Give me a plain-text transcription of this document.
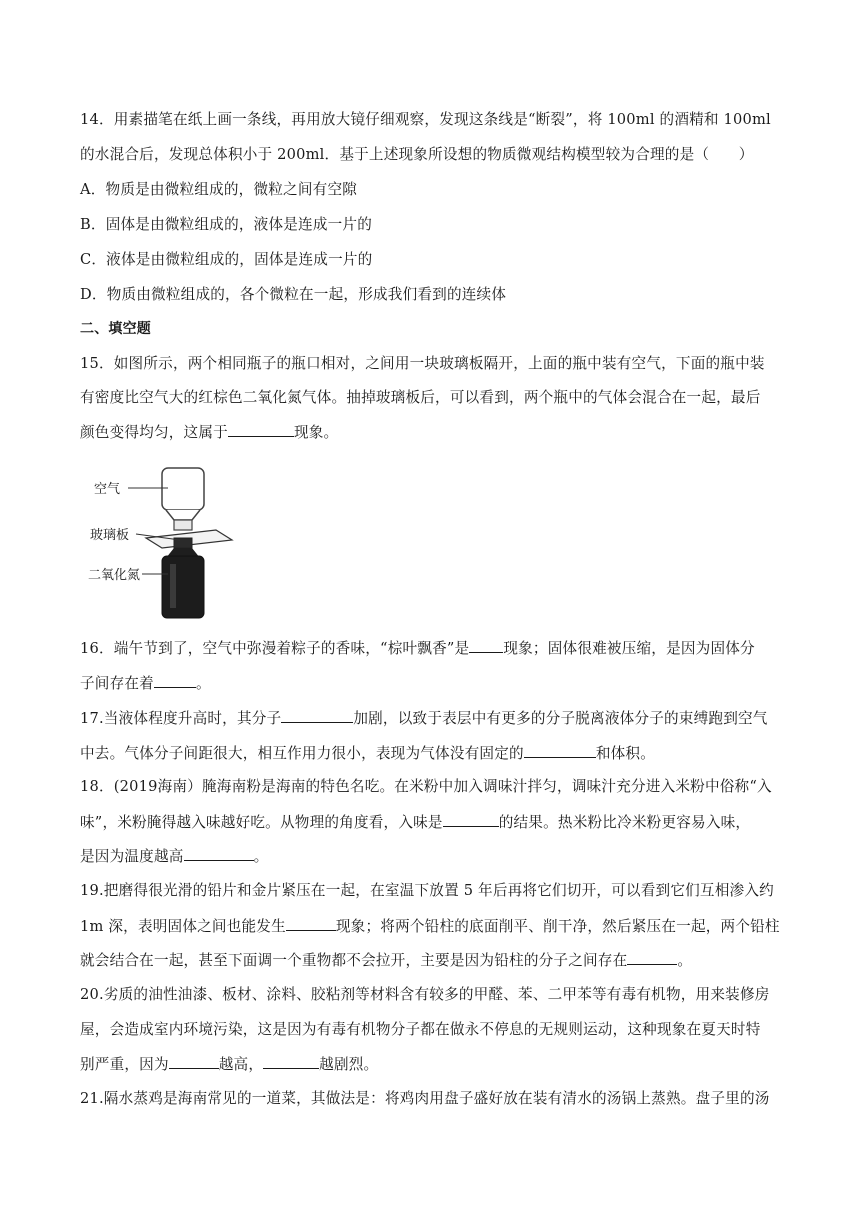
14．用素描笔在纸上画一条线，再用放大镜仔细观察，发现这条线是“断裂”，将 100ml 的酒精和 100ml
的水混合后，发现总体积小于 200ml．基于上述现象所设想的物质微观结构模型较为合理的是（　　）
A．物质是由微粒组成的，微粒之间有空隙
B．固体是由微粒组成的，液体是连成一片的
C．液体是由微粒组成的，固体是连成一片的
D．物质由微粒组成的，各个微粒在一起，形成我们看到的连续体
二、填空题
15．如图所示，两个相同瓶子的瓶口相对，之间用一块玻璃板隔开，上面的瓶中装有空气，下面的瓶中装
有密度比空气大的红棕色二氧化氮气体。抽掉玻璃板后，可以看到，两个瓶中的气体会混合在一起，最后
颜色变得均匀，这属于	现象。
空气
玻璃板
二氧化氮
16．端午节到了，空气中弥漫着粽子的香味，“棕叶飘香”是 现象；固体很难被压缩，是因为固体分
子间存在着	。
17.当液体程度升高时，其分子	加剧，以致于表层中有更多的分子脱离液体分子的束缚跑到空气
中去。气体分子间距很大，相互作用力很小，表现为气体没有固定的	和体积。
18．(2019海南）腌海南粉是海南的特色名吃。在米粉中加入调味汁拌匀，调味汁充分进入米粉中俗称“入
味”，米粉腌得越入味越好吃。从物理的角度看，入味是	的结果。热米粉比冷米粉更容易入味，
是因为温度越高	。
19.把磨得很光滑的铅片和金片紧压在一起，在室温下放置 5 年后再将它们切开，可以看到它们互相渗入约
1m 深，表明固体之间也能发生	现象；将两个铅柱的底面削平、削干净，然后紧压在一起，两个铅柱
就会结合在一起，甚至下面调一个重物都不会拉开，主要是因为铅柱的分子之间存在	。
20.劣质的油性油漆、板材、涂料、胶粘剂等材料含有较多的甲醛、苯、二甲苯等有毒有机物，用来装修房
屋，会造成室内环境污染，这是因为有毒有机物分子都在做永不停息的无规则运动，这种现象在夏天时特
别严重，因为	越高，	越剧烈。
21.隔水蒸鸡是海南常见的一道菜，其做法是：将鸡肉用盘子盛好放在装有清水的汤锅上蒸熟。盘子里的汤
